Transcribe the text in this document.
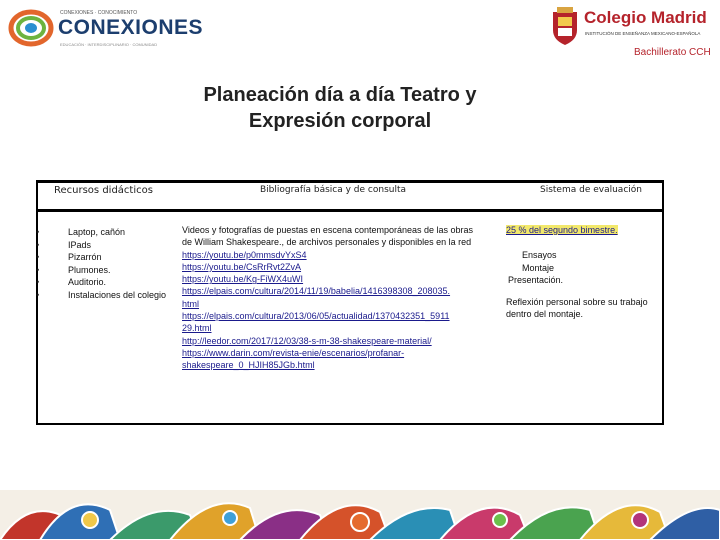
CONEXIONES · CONOCIMIENTO
CONEXIONES
EDUCACIÓN · INTERDISCIPLINARIO · COMUNIDAD
Colegio Madrid
INSTITUCIÓN DE ENSEÑANZA MEXICANO-ESPAÑOLA
Bachillerato CCH
Planeación día a día Teatro y
Expresión corporal
Recursos didácticos	Bibliografía básica y de consulta	Sistema de evaluación
• Laptop, cañón
• IPads
• Pizarrón
• Plumones.
• Auditorio.
• Instalaciones del colegio
Videos y fotografías de puestas en escena contemporáneas de las obras
de William Shakespeare., de archivos personales y disponibles en la red
https://youtu.be/p0mmsdvYxS4
https://youtu.be/CsRrRvt2ZvA
https://youtu.be/Kg-FiWX4uWI
https://elpais.com/cultura/2014/11/19/babelia/1416398308_208035.
html
https://elpais.com/cultura/2013/06/05/actualidad/1370432351_5911
29.html
http://leedor.com/2017/12/03/38-s-m-38-shakespeare-material/
https://www.darin.com/revista-enie/escenarios/profanar-
shakespeare_0_HJIH85JGb.html
25 % del segundo bimestre.
Ensayos
Montaje
Presentación.
Reflexión personal sobre su trabajo
dentro del montaje.
